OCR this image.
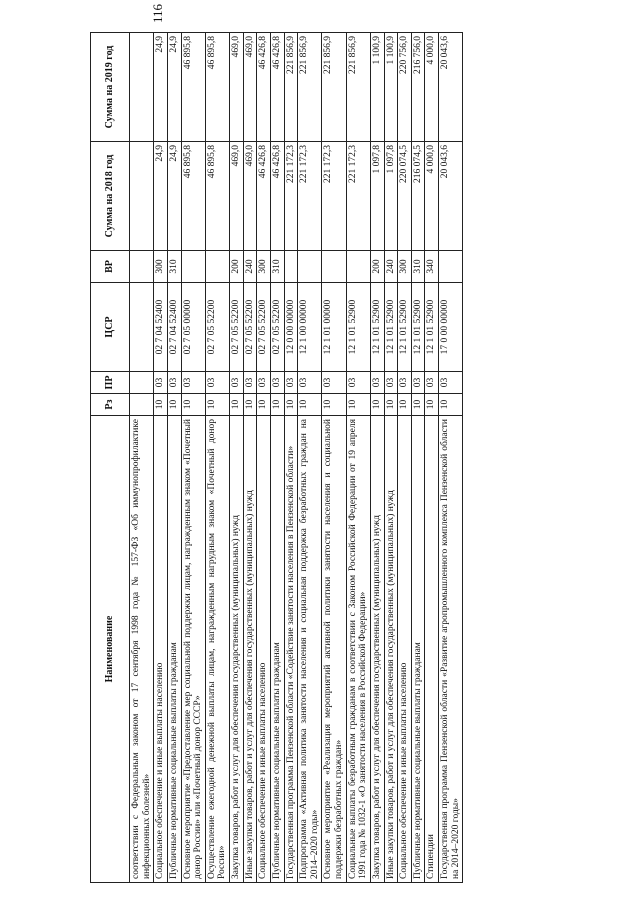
116
Наименование	Рз	ПР	ЦСР	ВР	Сумма на 2018 год	Сумма на 2019 год
соответствии с Федеральным законом от 17 сентября 1998 года № 157-ФЗ «Об иммунопрофилактике инфекционных болезней»						
Социальное обеспечение и иные выплаты населению	10	03	02 7 04 52400	300	24,9	24,9
Публичные нормативные социальные выплаты гражданам	10	03	02 7 04 52400	310	24,9	24,9
Основное мероприятие «Предоставление мер социальной поддержки лицам, награжденным знаком «Почетный донор России» или «Почетный донор СССР»	10	03	02 7 05 00000		46 895,8	46 895,8
Осуществление ежегодной денежной выплаты лицам, награжденным нагрудным знаком «Почетный донор России»	10	03	02 7 05 52200		46 895,8	46 895,8
Закупка товаров, работ и услуг для обеспечения государственных (муниципальных) нужд	10	03	02 7 05 52200	200	469,0	469,0
Иные закупки товаров, работ и услуг для обеспечения государственных (муниципальных) нужд	10	03	02 7 05 52200	240	469,0	469,0
Социальное обеспечение и иные выплаты населению	10	03	02 7 05 52200	300	46 426,8	46 426,8
Публичные нормативные социальные выплаты гражданам	10	03	02 7 05 52200	310	46 426,8	46 426,8
Государственная программа Пензенской области «Содействие занятости населения в Пензенской области»	10	03	12 0 00 00000		221 172,3	221 856,9
Подпрограмма «Активная политика занятости населения и социальная поддержка безработных граждан на 2014–2020 годы»	10	03	12 1 00 00000		221 172,3	221 856,9
Основное мероприятие «Реализация мероприятий активной политики занятости населения и социальной поддержки безработных граждан»	10	03	12 1 01 00000		221 172,3	221 856,9
Социальные выплаты безработным гражданам в соответствии с Законом Российской Федерации от 19 апреля 1991 года № 1032-1 «О занятости населения в Российской Федерации»	10	03	12 1 01 52900		221 172,3	221 856,9
Закупка товаров, работ и услуг для обеспечения государственных (муниципальных) нужд	10	03	12 1 01 52900	200	1 097,8	1 100,9
Иные закупки товаров, работ и услуг для обеспечения государственных (муниципальных) нужд	10	03	12 1 01 52900	240	1 097,8	1 100,9
Социальное обеспечение и иные выплаты населению	10	03	12 1 01 52900	300	220 074,5	220 756,0
Публичные нормативные социальные выплаты гражданам	10	03	12 1 01 52900	310	216 074,5	216 756,0
Стипендии	10	03	12 1 01 52900	340	4 000,0	4 000,0
Государственная программа Пензенской области «Развитие агропромышленного комплекса Пензенской области на 2014–2020 годы»	10	03	17 0 00 00000		20 043,6	20 043,6
